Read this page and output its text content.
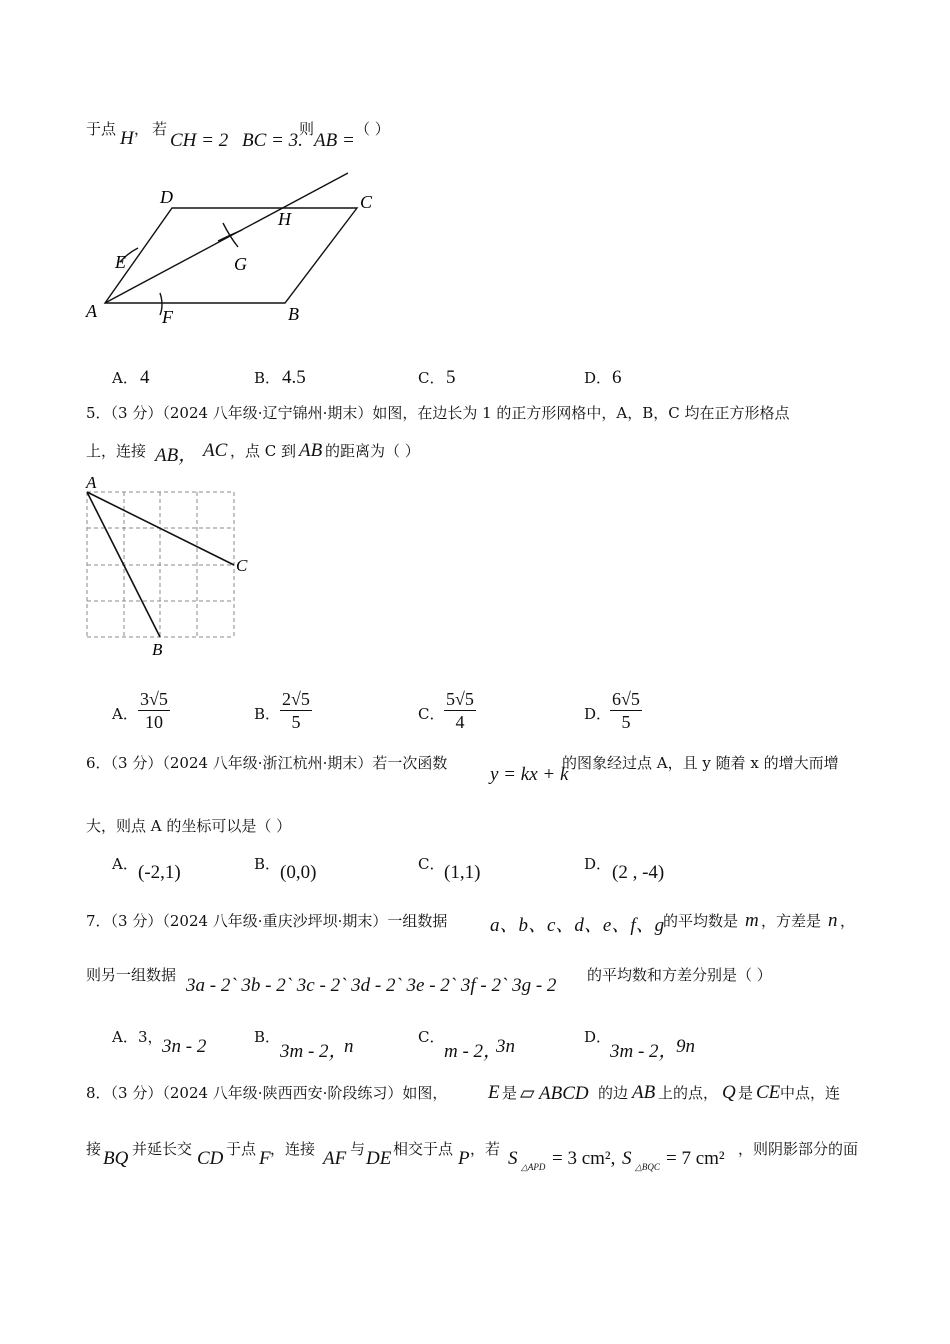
于点 H ， 若
CH = 2 BC = 3.
则
AB =
（ ）
D	C
H
E	G
A	F	B
A． 4	B． 4.5	C． 5	D． 6
5．（3 分）（2024 八年级·辽宁锦州·期末）如图，在边长为 1 的正方形网格中，A，B，C 均在正方形格点
上，连接 AB， AC ，点 C 到 AB 的距离为（ ）
A
C
B
A． $\frac{3√5}{10}$	B． $\frac{2√5}{5}$	C． $\frac{5√5}{4}$	D．
$\frac{6√5}{5}$
6．（3 分）（2024 八年级·浙江杭州·期末）若一次函数
y = kx + k
的图象经过点 A，且 y 随着 x 的增大而增
大，则点 A 的坐标可以是（ ）
A． (-2,1)	B． (0,0)	C． (1,1)	D． (2 , -4)
7．（3 分）（2024 八年级·重庆沙坪坝·期末）一组数据 a、b、c、d、e、f、g
的平均数是 m ，方差是 n ，
则另一组数据 3a - 2` 3b - 2` 3c - 2` 3d - 2` 3e - 2` 3f - 2` 3g - 2 的平均数和方差分别是（ ）
A． 3， 3n - 2	B．
3m - 2，
n	C．
m - 2，
3n	D．
3m - 2，
9n
8．（3 分）（2024 八年级·陕西西安·阶段练习）如图， E 是 ▱ ABCD 的边 AB 上的点， Q 是 CE 中点，连
接 BQ 并延长交 CD 于点 F ，连接 AF 与 DE 相交于点 P ，若 S △APD = 3 cm², S △BQC = 7 cm² ，则阴影部分的面
